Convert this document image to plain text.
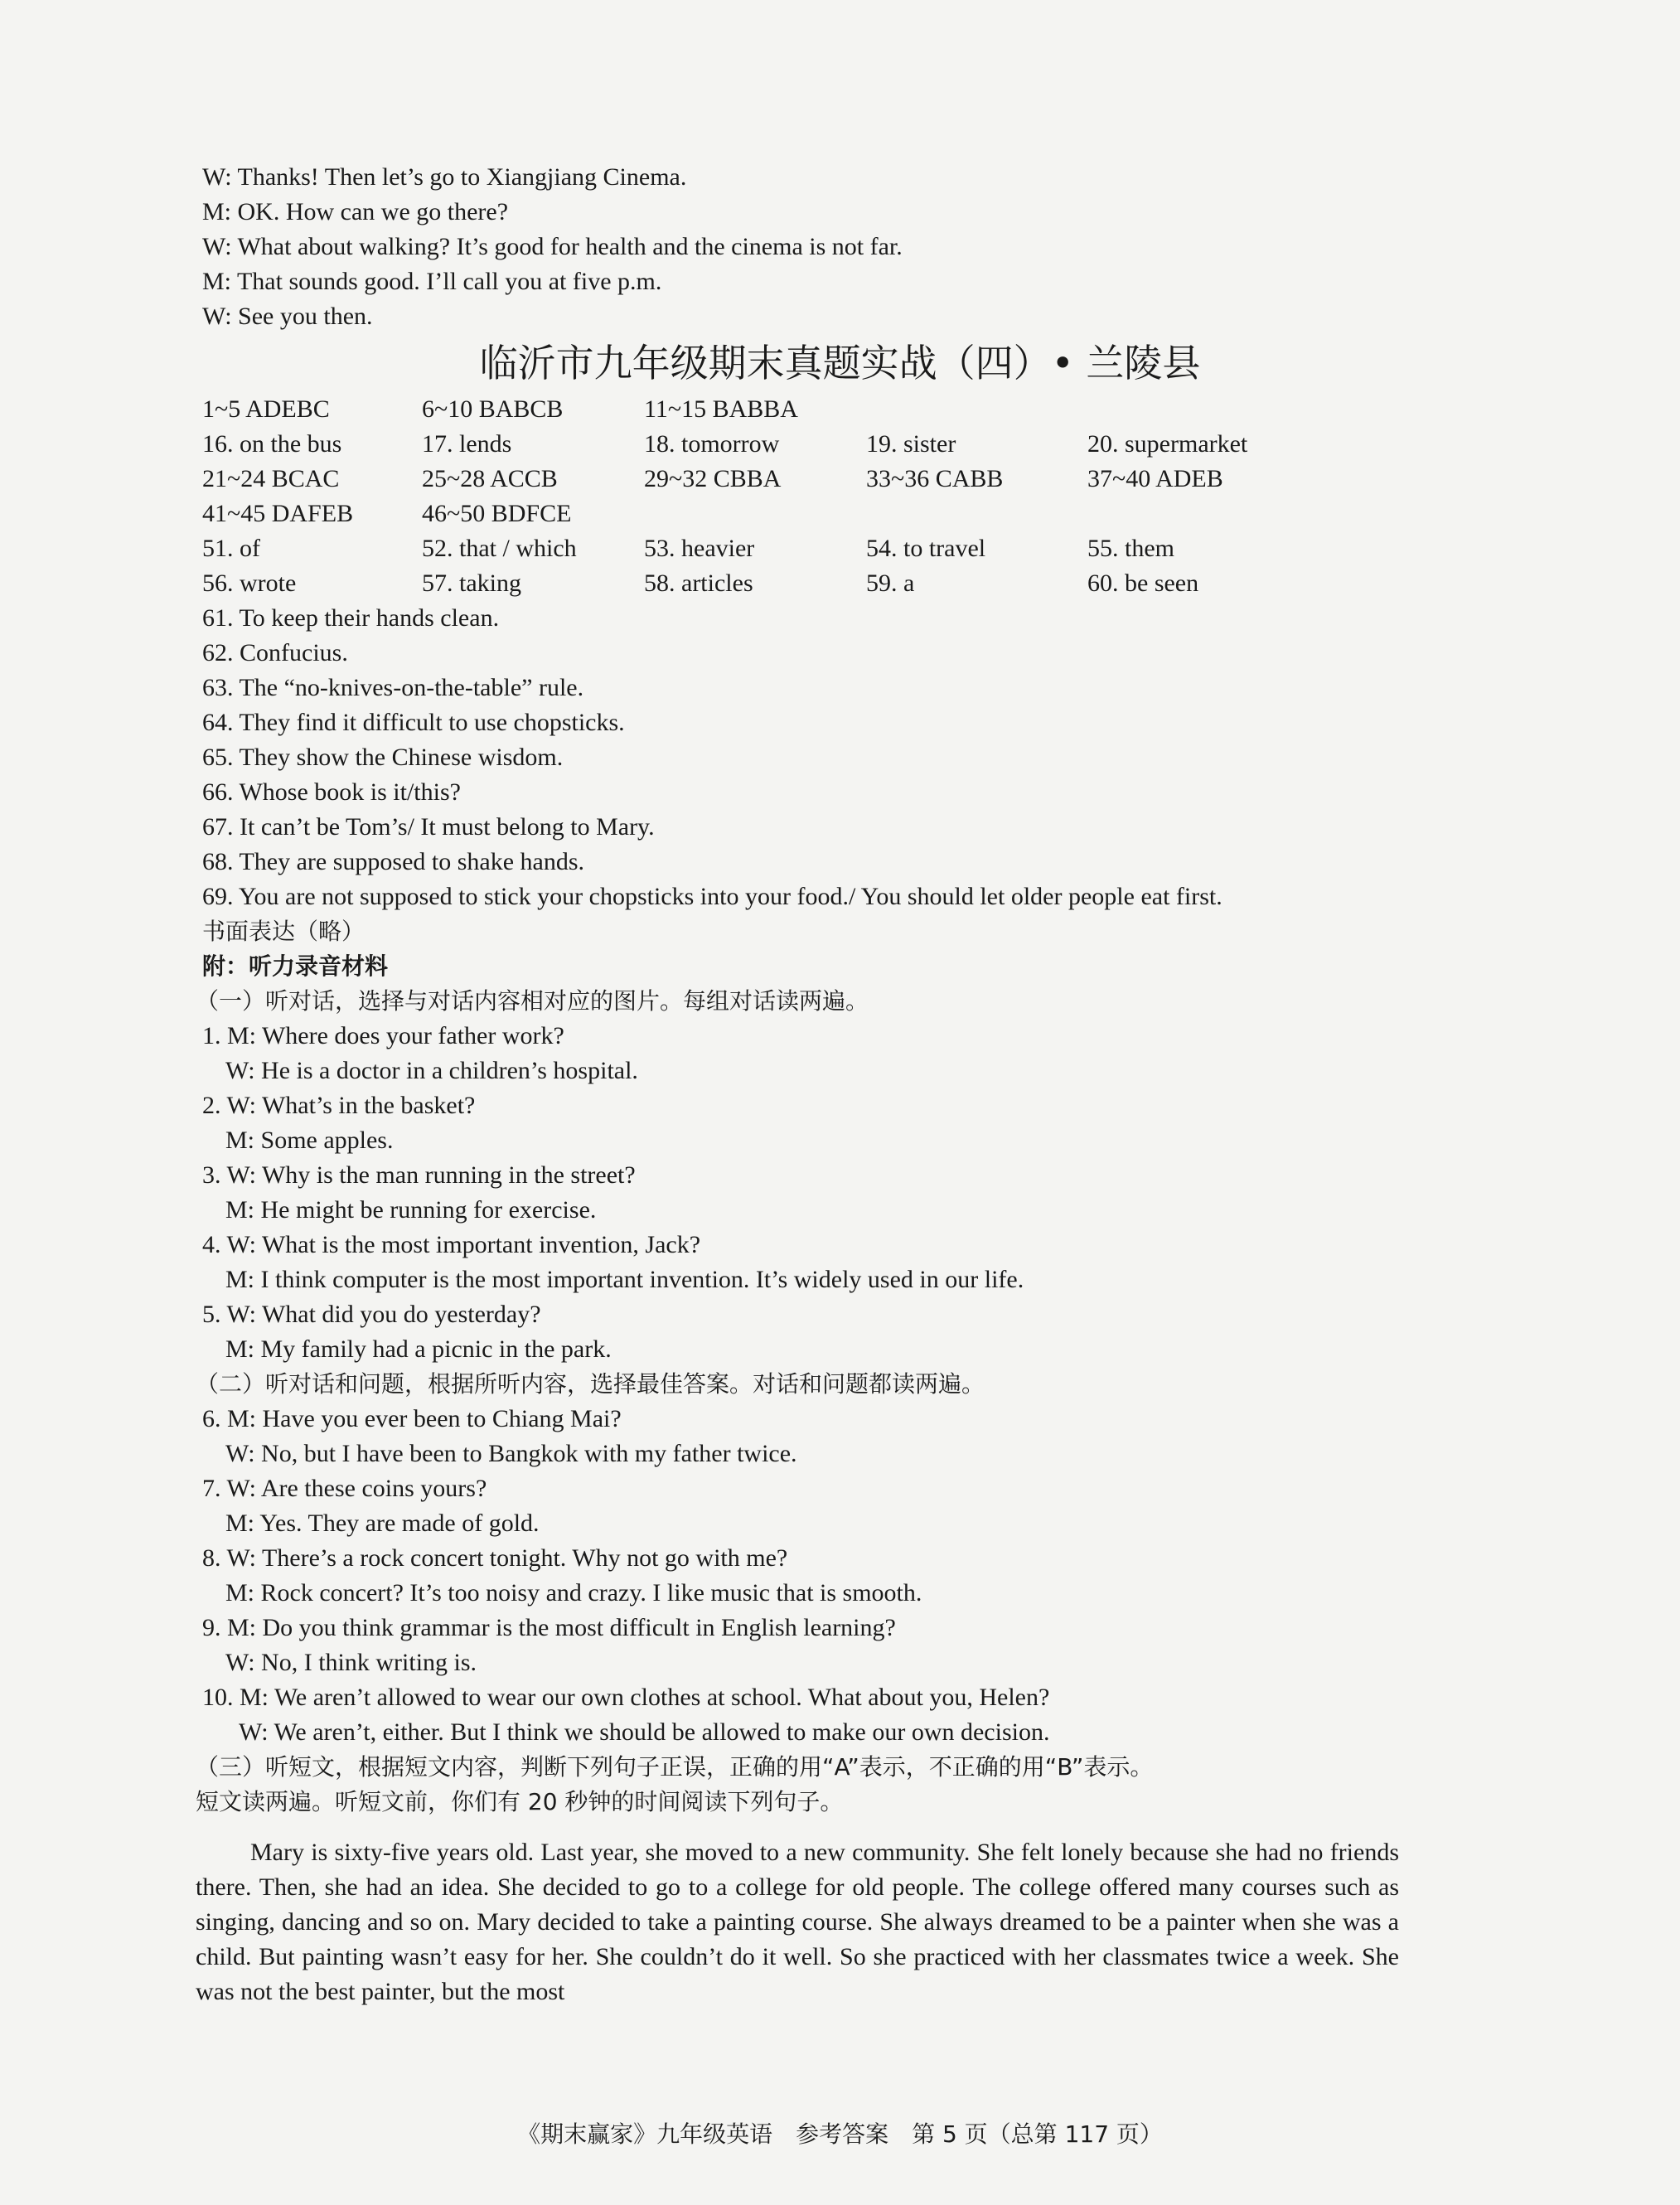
W: Thanks! Then let’s go to Xiangjiang Cinema.
M: OK. How can we go there?
W: What about walking? It’s good for health and the cinema is not far.
M: That sounds good. I’ll call you at five p.m.
W: See you then.
临沂市九年级期末真题实战（四）• 兰陵县
1~5 ADEBC	6~10 BABCB	11~15 BABBA
16. on the bus	17. lends	18. tomorrow	19. sister	20. supermarket
21~24 BCAC	25~28 ACCB	29~32 CBBA	33~36 CABB	37~40 ADEB
41~45 DAFEB	46~50 BDFCE
51. of	52. that / which	53. heavier	54. to travel	55. them
56. wrote	57. taking	58. articles	59. a	60. be seen
61. To keep their hands clean.
62. Confucius.
63. The “no-knives-on-the-table” rule.
64. They find it difficult to use chopsticks.
65. They show the Chinese wisdom.
66. Whose book is it/this?
67. It can’t be Tom’s/ It must belong to Mary.
68. They are supposed to shake hands.
69. You are not supposed to stick your chopsticks into your food./ You should let older people eat first.
书面表达（略）
附：听力录音材料
（一）听对话，选择与对话内容相对应的图片。每组对话读两遍。
1. M: Where does your father work?
W: He is a doctor in a children’s hospital.
2. W: What’s in the basket?
M: Some apples.
3. W: Why is the man running in the street?
M: He might be running for exercise.
4. W: What is the most important invention, Jack?
M: I think computer is the most important invention. It’s widely used in our life.
5. W: What did you do yesterday?
M: My family had a picnic in the park.
（二）听对话和问题，根据所听内容，选择最佳答案。对话和问题都读两遍。
6. M: Have you ever been to Chiang Mai?
W: No, but I have been to Bangkok with my father twice.
7. W: Are these coins yours?
M: Yes. They are made of gold.
8. W: There’s a rock concert tonight. Why not go with me?
M: Rock concert? It’s too noisy and crazy. I like music that is smooth.
9. M: Do you think grammar is the most difficult in English learning?
W: No, I think writing is.
10. M: We aren’t allowed to wear our own clothes at school. What about you, Helen?
W: We aren’t, either. But I think we should be allowed to make our own decision.
（三）听短文，根据短文内容，判断下列句子正误，正确的用“A”表示，不正确的用“B”表示。
短文读两遍。听短文前，你们有 20 秒钟的时间阅读下列句子。

Mary is sixty-five years old. Last year, she moved to a new community. She felt lonely because she had no friends there. Then, she had an idea. She decided to go to a college for old people. The college offered many courses such as singing, dancing and so on. Mary decided to take a painting course. She always dreamed to be a painter when she was a child. But painting wasn’t easy for her. She couldn’t do it well. So she practiced with her classmates twice a week. She was not the best painter, but the most

《期末赢家》九年级英语　参考答案　第 5 页（总第 117 页）
